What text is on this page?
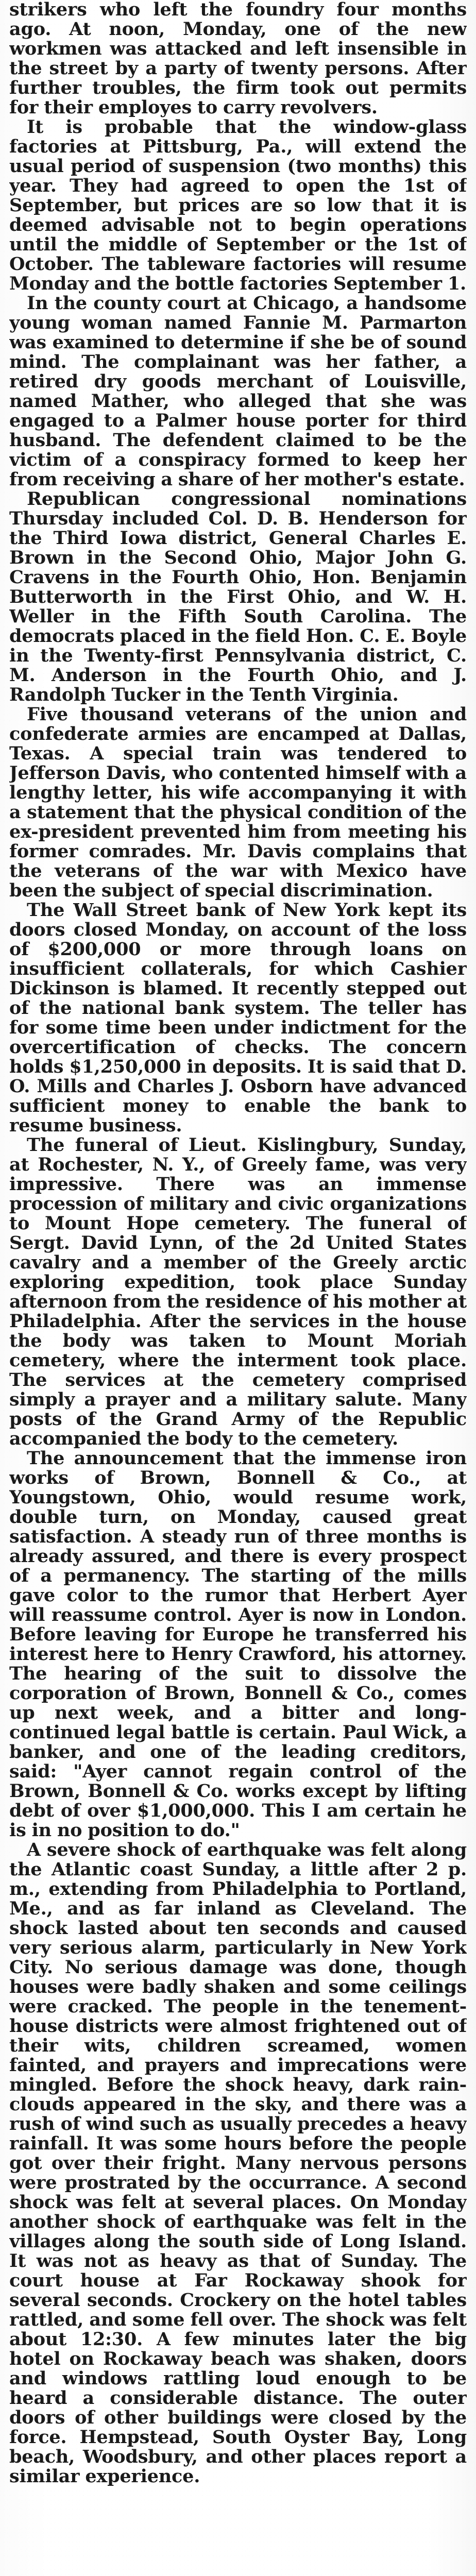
strikers who left the foundry four months ago. At noon, Monday, one of the new workmen was attacked and left insensible in the street by a party of twenty persons. After further troubles, the firm took out permits for their employes to carry revolvers.

It is probable that the window-glass factories at Pittsburg, Pa., will extend the usual period of suspension (two months) this year. They had agreed to open the 1st of September, but prices are so low that it is deemed advisable not to begin operations until the middle of September or the 1st of October. The tableware factories will resume Monday and the bottle factories September 1.

In the county court at Chicago, a handsome young woman named Fannie M. Parmarton was examined to determine if she be of sound mind. The complainant was her father, a retired dry goods merchant of Louisville, named Mather, who alleged that she was engaged to a Palmer house porter for third husband. The defendent claimed to be the victim of a conspiracy formed to keep her from receiving a share of her mother's estate.

Republican congressional nominations Thursday included Col. D. B. Henderson for the Third Iowa district, General Charles E. Brown in the Second Ohio, Major John G. Cravens in the Fourth Ohio, Hon. Benjamin Butterworth in the First Ohio, and W. H. Weller in the Fifth South Carolina. The democrats placed in the field Hon. C. E. Boyle in the Twenty-first Pennsylvania district, C. M. Anderson in the Fourth Ohio, and J. Randolph Tucker in the Tenth Virginia.

Five thousand veterans of the union and confederate armies are encamped at Dallas, Texas. A special train was tendered to Jefferson Davis, who contented himself with a lengthy letter, his wife accompanying it with a statement that the physical condition of the ex-president prevented him from meeting his former comrades. Mr. Davis complains that the veterans of the war with Mexico have been the subject of special discrimination.

The Wall Street bank of New York kept its doors closed Monday, on account of the loss of $200,000 or more through loans on insufficient collaterals, for which Cashier Dickinson is blamed. It recently stepped out of the national bank system. The teller has for some time been under indictment for the overcertification of checks. The concern holds $1,250,000 in deposits. It is said that D. O. Mills and Charles J. Osborn have advanced sufficient money to enable the bank to resume business.

The funeral of Lieut. Kislingbury, Sunday, at Rochester, N. Y., of Greely fame, was very impressive. There was an immense procession of military and civic organizations to Mount Hope cemetery. The funeral of Sergt. David Lynn, of the 2d United States cavalry and a member of the Greely arctic exploring expedition, took place Sunday afternoon from the residence of his mother at Philadelphia. After the services in the house the body was taken to Mount Moriah cemetery, where the interment took place. The services at the cemetery comprised simply a prayer and a military salute. Many posts of the Grand Army of the Republic accompanied the body to the cemetery.

The announcement that the immense iron works of Brown, Bonnell & Co., at Youngstown, Ohio, would resume work, double turn, on Monday, caused great satisfaction. A steady run of three months is already assured, and there is every prospect of a permanency. The starting of the mills gave color to the rumor that Herbert Ayer will reassume control. Ayer is now in London. Before leaving for Europe he transferred his interest here to Henry Crawford, his attorney. The hearing of the suit to dissolve the corporation of Brown, Bonnell & Co., comes up next week, and a bitter and long-continued legal battle is certain. Paul Wick, a banker, and one of the leading creditors, said: "Ayer cannot regain control of the Brown, Bonnell & Co. works except by lifting debt of over $1,000,000. This I am certain he is in no position to do."

A severe shock of earthquake was felt along the Atlantic coast Sunday, a little after 2 p. m., extending from Philadelphia to Portland, Me., and as far inland as Cleveland. The shock lasted about ten seconds and caused very serious alarm, particularly in New York City. No serious damage was done, though houses were badly shaken and some ceilings were cracked. The people in the tenement-house districts were almost frightened out of their wits, children screamed, women fainted, and prayers and imprecations were mingled. Before the shock heavy, dark rain-clouds appeared in the sky, and there was a rush of wind such as usually precedes a heavy rainfall. It was some hours before the people got over their fright. Many nervous persons were prostrated by the occurrance. A second shock was felt at several places. On Monday another shock of earthquake was felt in the villages along the south side of Long Island. It was not as heavy as that of Sunday. The court house at Far Rockaway shook for several seconds. Crockery on the hotel tables rattled, and some fell over. The shock was felt about 12:30. A few minutes later the big hotel on Rockaway beach was shaken, doors and windows rattling loud enough to be heard a considerable distance. The outer doors of other buildings were closed by the force. Hempstead, South Oyster Bay, Long beach, Woodsbury, and other places report a similar experience.
